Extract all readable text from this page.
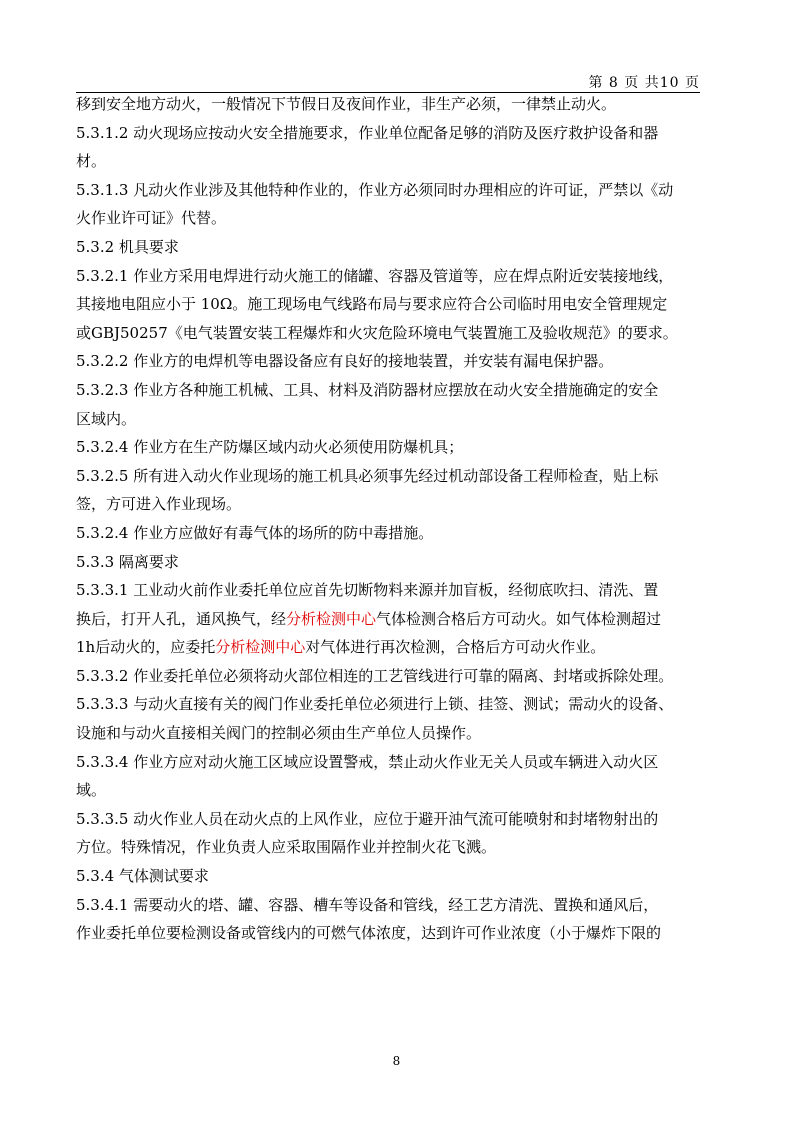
第 8 页 共10 页
移到安全地方动火，一般情况下节假日及夜间作业，非生产必须，一律禁止动火。
5.3.1.2 动火现场应按动火安全措施要求，作业单位配备足够的消防及医疗救护设备和器
材。
5.3.1.3 凡动火作业涉及其他特种作业的，作业方必须同时办理相应的许可证，严禁以《动
火作业许可证》代替。
5.3.2 机具要求
5.3.2.1 作业方采用电焊进行动火施工的储罐、容器及管道等，应在焊点附近安装接地线，
其接地电阻应小于 10Ω。施工现场电气线路布局与要求应符合公司临时用电安全管理规定
或GBJ50257《电气装置安装工程爆炸和火灾危险环境电气装置施工及验收规范》的要求。
5.3.2.2 作业方的电焊机等电器设备应有良好的接地装置，并安装有漏电保护器。
5.3.2.3 作业方各种施工机械、工具、材料及消防器材应摆放在动火安全措施确定的安全
区域内。
5.3.2.4 作业方在生产防爆区域内动火必须使用防爆机具；
5.3.2.5 所有进入动火作业现场的施工机具必须事先经过机动部设备工程师检查，贴上标
签，方可进入作业现场。
5.3.2.4 作业方应做好有毒气体的场所的防中毒措施。
5.3.3 隔离要求
5.3.3.1 工业动火前作业委托单位应首先切断物料来源并加盲板，经彻底吹扫、清洗、置
换后，打开人孔，通风换气，经分析检测中心气体检测合格后方可动火。如气体检测超过
1h后动火的，应委托分析检测中心对气体进行再次检测，合格后方可动火作业。
5.3.3.2 作业委托单位必须将动火部位相连的工艺管线进行可靠的隔离、封堵或拆除处理。
5.3.3.3 与动火直接有关的阀门作业委托单位必须进行上锁、挂签、测试；需动火的设备、
设施和与动火直接相关阀门的控制必须由生产单位人员操作。
5.3.3.4 作业方应对动火施工区域应设置警戒，禁止动火作业无关人员或车辆进入动火区
域。
5.3.3.5 动火作业人员在动火点的上风作业，应位于避开油气流可能喷射和封堵物射出的
方位。特殊情况，作业负责人应采取围隔作业并控制火花飞溅。
5.3.4 气体测试要求
5.3.4.1 需要动火的塔、罐、容器、槽车等设备和管线，经工艺方清洗、置换和通风后，
作业委托单位要检测设备或管线内的可燃气体浓度，达到许可作业浓度（小于爆炸下限的
8
